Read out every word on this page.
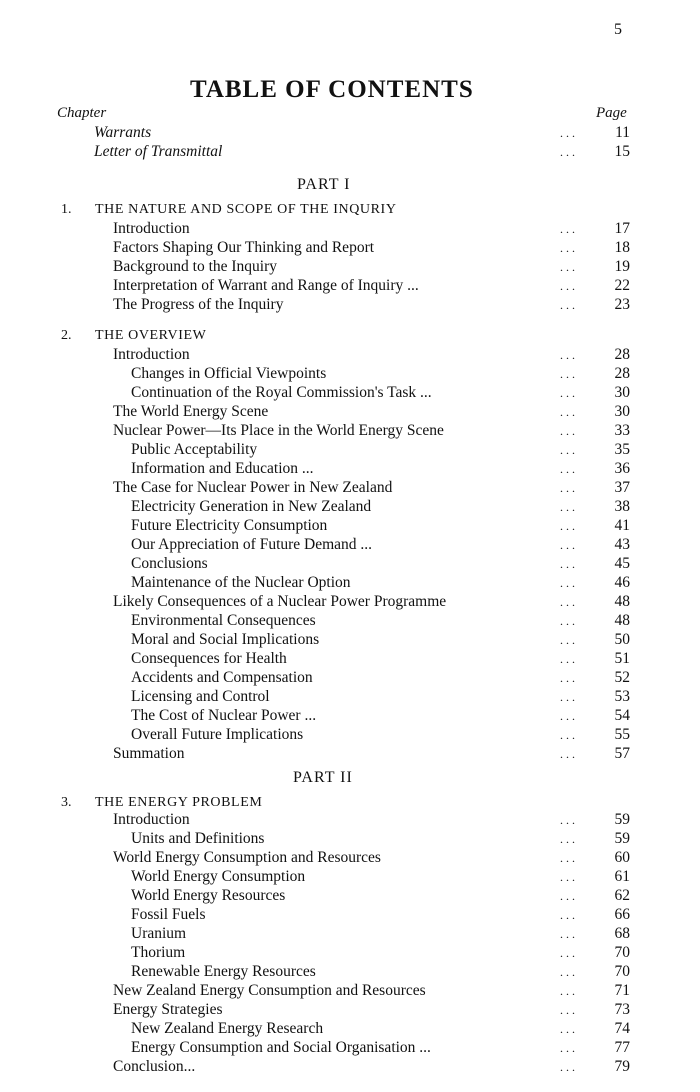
5
TABLE OF CONTENTS
Chapter	Page
Warrants	. . .	11
Letter of Transmittal	. . .	15
PART I
1. THE NATURE AND SCOPE OF THE INQURIY
Introduction	. . .	17
Factors Shaping Our Thinking and Report	. . .	18
Background to the Inquiry	. . .	19
Interpretation of Warrant and Range of Inquiry ...	. . .	22
The Progress of the Inquiry	. . .	23
2. THE OVERVIEW
Introduction	. . .	28
Changes in Official Viewpoints	. . .	28
Continuation of the Royal Commission's Task ...	. . .	30
The World Energy Scene	. . .	30
Nuclear Power—Its Place in the World Energy Scene	. . .	33
Public Acceptability	. . .	35
Information and Education ...	. . .	36
The Case for Nuclear Power in New Zealand	. . .	37
Electricity Generation in New Zealand	. . .	38
Future Electricity Consumption	. . .	41
Our Appreciation of Future Demand ...	. . .	43
Conclusions	. . .	45
Maintenance of the Nuclear Option	. . .	46
Likely Consequences of a Nuclear Power Programme	. . .	48
Environmental Consequences	. . .	48
Moral and Social Implications	. . .	50
Consequences for Health	. . .	51
Accidents and Compensation	. . .	52
Licensing and Control	. . .	53
The Cost of Nuclear Power ...	. . .	54
Overall Future Implications	. . .	55
Summation	. . .	57
PART II
3. THE ENERGY PROBLEM
Introduction	. . .	59
Units and Definitions	. . .	59
World Energy Consumption and Resources	. . .	60
World Energy Consumption	. . .	61
World Energy Resources	. . .	62
Fossil Fuels	. . .	66
Uranium	. . .	68
Thorium	. . .	70
Renewable Energy Resources	. . .	70
New Zealand Energy Consumption and Resources	. . .	71
Energy Strategies	. . .	73
New Zealand Energy Research	. . .	74
Energy Consumption and Social Organisation ...	. . .	77
Conclusion...	. . .	79
